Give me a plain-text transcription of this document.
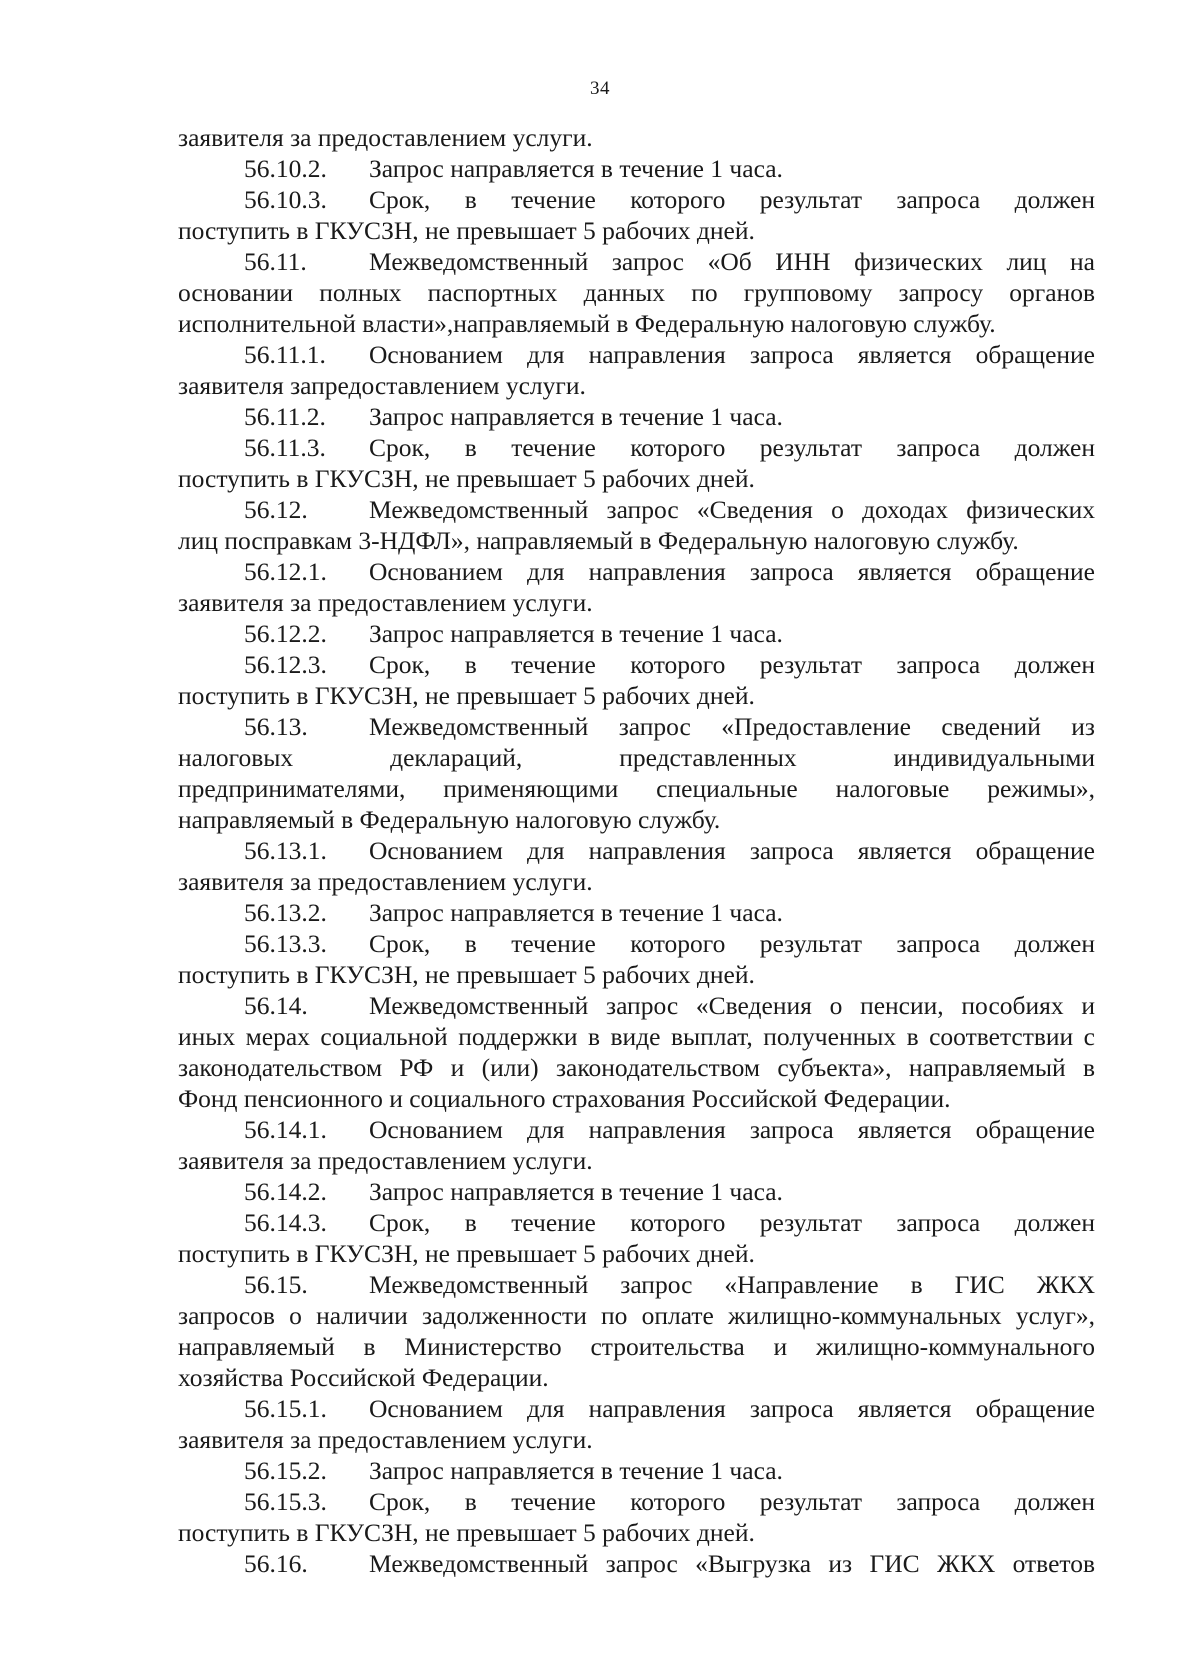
34
заявителя за предоставлением услуги.
56.10.2.	Запрос направляется в течение 1 часа.
56.10.3.	Срок, в течение которого результат запроса должен
поступить в ГКУСЗН, не превышает 5 рабочих дней.
56.11.	Межведомственный запрос «Об ИНН физических лиц на
основании полных паспортных данных по групповому запросу органов
исполнительной власти»,направляемый в Федеральную налоговую службу.
56.11.1.	Основанием для направления запроса является обращение
заявителя запредоставлением услуги.
56.11.2.	Запрос направляется в течение 1 часа.
56.11.3.	Срок, в течение которого результат запроса должен
поступить в ГКУСЗН, не превышает 5 рабочих дней.
56.12.	Межведомственный запрос «Сведения о доходах физических
лиц посправкам 3-НДФЛ», направляемый в Федеральную налоговую службу.
56.12.1.	Основанием для направления запроса является обращение
заявителя за предоставлением услуги.
56.12.2.	Запрос направляется в течение 1 часа.
56.12.3.	Срок, в течение которого результат запроса должен
поступить в ГКУСЗН, не превышает 5 рабочих дней.
56.13.	Межведомственный запрос «Предоставление сведений из
налоговых деклараций, представленных индивидуальными
предпринимателями, применяющими специальные налоговые режимы»,
направляемый в Федеральную налоговую службу.
56.13.1.	Основанием для направления запроса является обращение
заявителя за предоставлением услуги.
56.13.2.	Запрос направляется в течение 1 часа.
56.13.3.	Срок, в течение которого результат запроса должен
поступить в ГКУСЗН, не превышает 5 рабочих дней.
56.14.	Межведомственный запрос «Сведения о пенсии, пособиях и
иных мерах социальной поддержки в виде выплат, полученных в соответствии с
законодательством РФ и (или) законодательством субъекта», направляемый в
Фонд пенсионного и социального страхования Российской Федерации.
56.14.1.	Основанием для направления запроса является обращение
заявителя за предоставлением услуги.
56.14.2.	Запрос направляется в течение 1 часа.
56.14.3.	Срок, в течение которого результат запроса должен
поступить в ГКУСЗН, не превышает 5 рабочих дней.
56.15.	Межведомственный запрос «Направление в ГИС ЖКХ
запросов о наличии задолженности по оплате жилищно-коммунальных услуг»,
направляемый в Министерство строительства и жилищно-коммунального
хозяйства Российской Федерации.
56.15.1.	Основанием для направления запроса является обращение
заявителя за предоставлением услуги.
56.15.2.	Запрос направляется в течение 1 часа.
56.15.3.	Срок, в течение которого результат запроса должен
поступить в ГКУСЗН, не превышает 5 рабочих дней.
56.16.	Межведомственный запрос «Выгрузка из ГИС ЖКХ ответов
